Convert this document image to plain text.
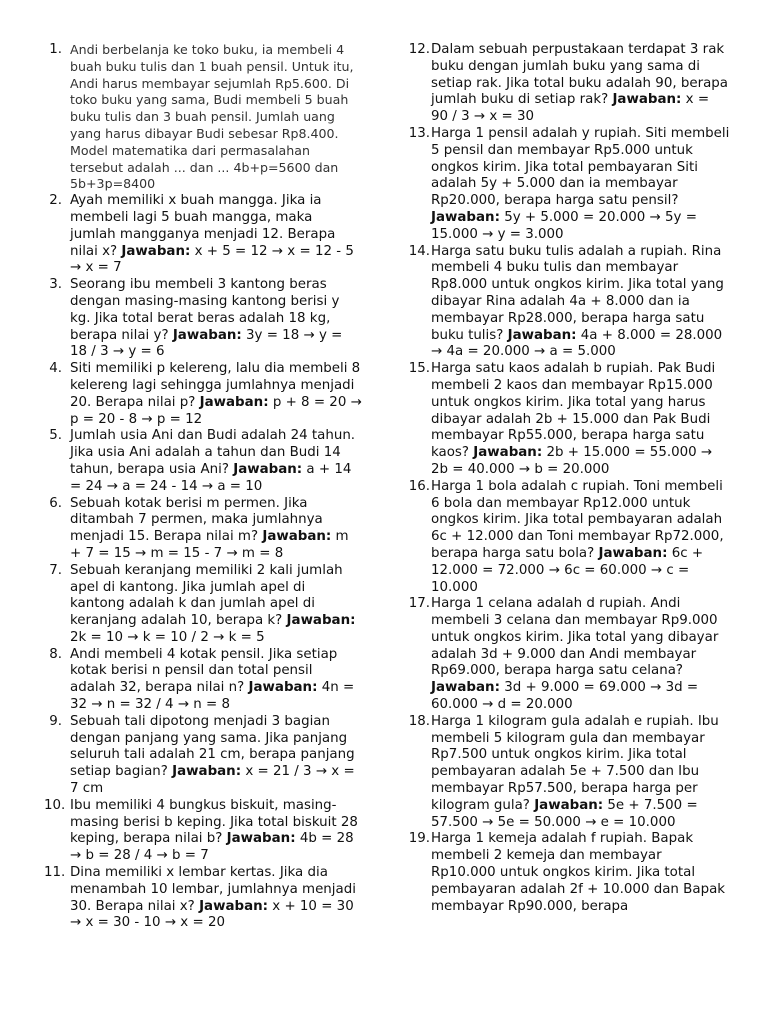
1. Andi berbelanja ke toko buku, ia membeli 4 buah buku tulis dan 1 buah pensil. Untuk itu, Andi harus membayar sejumlah Rp5.600. Di toko buku yang sama, Budi membeli 5 buah buku tulis dan 3 buah pensil. Jumlah uang yang harus dibayar Budi sebesar Rp8.400. Model matematika dari permasalahan tersebut adalah ... dan ... 4b+p=5600 dan 5b+3p=8400
2. Ayah memiliki x buah mangga. Jika ia membeli lagi 5 buah mangga, maka jumlah mangganya menjadi 12. Berapa nilai x? Jawaban: x + 5 = 12 → x = 12 - 5 → x = 7
3. Seorang ibu membeli 3 kantong beras dengan masing-masing kantong berisi y kg. Jika total berat beras adalah 18 kg, berapa nilai y? Jawaban: 3y = 18 → y = 18 / 3 → y = 6
4. Siti memiliki p kelereng, lalu dia membeli 8 kelereng lagi sehingga jumlahnya menjadi 20. Berapa nilai p? Jawaban: p + 8 = 20 → p = 20 - 8 → p = 12
5. Jumlah usia Ani dan Budi adalah 24 tahun. Jika usia Ani adalah a tahun dan Budi 14 tahun, berapa usia Ani? Jawaban: a + 14 = 24 → a = 24 - 14 → a = 10
6. Sebuah kotak berisi m permen. Jika ditambah 7 permen, maka jumlahnya menjadi 15. Berapa nilai m? Jawaban: m + 7 = 15 → m = 15 - 7 → m = 8
7. Sebuah keranjang memiliki 2 kali jumlah apel di kantong. Jika jumlah apel di kantong adalah k dan jumlah apel di keranjang adalah 10, berapa k? Jawaban: 2k = 10 → k = 10 / 2 → k = 5
8. Andi membeli 4 kotak pensil. Jika setiap kotak berisi n pensil dan total pensil adalah 32, berapa nilai n? Jawaban: 4n = 32 → n = 32 / 4 → n = 8
9. Sebuah tali dipotong menjadi 3 bagian dengan panjang yang sama. Jika panjang seluruh tali adalah 21 cm, berapa panjang setiap bagian? Jawaban: x = 21 / 3 → x = 7 cm
10. Ibu memiliki 4 bungkus biskuit, masing-masing berisi b keping. Jika total biskuit 28 keping, berapa nilai b? Jawaban: 4b = 28 → b = 28 / 4 → b = 7
11. Dina memiliki x lembar kertas. Jika dia menambah 10 lembar, jumlahnya menjadi 30. Berapa nilai x? Jawaban: x + 10 = 30 → x = 30 - 10 → x = 20
12. Dalam sebuah perpustakaan terdapat 3 rak buku dengan jumlah buku yang sama di setiap rak. Jika total buku adalah 90, berapa jumlah buku di setiap rak? Jawaban: x = 90 / 3 → x = 30
13. Harga 1 pensil adalah y rupiah. Siti membeli 5 pensil dan membayar Rp5.000 untuk ongkos kirim. Jika total pembayaran Siti adalah 5y + 5.000 dan ia membayar Rp20.000, berapa harga satu pensil? Jawaban: 5y + 5.000 = 20.000 → 5y = 15.000 → y = 3.000
14. Harga satu buku tulis adalah a rupiah. Rina membeli 4 buku tulis dan membayar Rp8.000 untuk ongkos kirim. Jika total yang dibayar Rina adalah 4a + 8.000 dan ia membayar Rp28.000, berapa harga satu buku tulis? Jawaban: 4a + 8.000 = 28.000 → 4a = 20.000 → a = 5.000
15. Harga satu kaos adalah b rupiah. Pak Budi membeli 2 kaos dan membayar Rp15.000 untuk ongkos kirim. Jika total yang harus dibayar adalah 2b + 15.000 dan Pak Budi membayar Rp55.000, berapa harga satu kaos? Jawaban: 2b + 15.000 = 55.000 → 2b = 40.000 → b = 20.000
16. Harga 1 bola adalah c rupiah. Toni membeli 6 bola dan membayar Rp12.000 untuk ongkos kirim. Jika total pembayaran adalah 6c + 12.000 dan Toni membayar Rp72.000, berapa harga satu bola? Jawaban: 6c + 12.000 = 72.000 → 6c = 60.000 → c = 10.000
17. Harga 1 celana adalah d rupiah. Andi membeli 3 celana dan membayar Rp9.000 untuk ongkos kirim. Jika total yang dibayar adalah 3d + 9.000 dan Andi membayar Rp69.000, berapa harga satu celana? Jawaban: 3d + 9.000 = 69.000 → 3d = 60.000 → d = 20.000
18. Harga 1 kilogram gula adalah e rupiah. Ibu membeli 5 kilogram gula dan membayar Rp7.500 untuk ongkos kirim. Jika total pembayaran adalah 5e + 7.500 dan Ibu membayar Rp57.500, berapa harga per kilogram gula? Jawaban: 5e + 7.500 = 57.500 → 5e = 50.000 → e = 10.000
19. Harga 1 kemeja adalah f rupiah. Bapak membeli 2 kemeja dan membayar Rp10.000 untuk ongkos kirim. Jika total pembayaran adalah 2f + 10.000 dan Bapak membayar Rp90.000, berapa
